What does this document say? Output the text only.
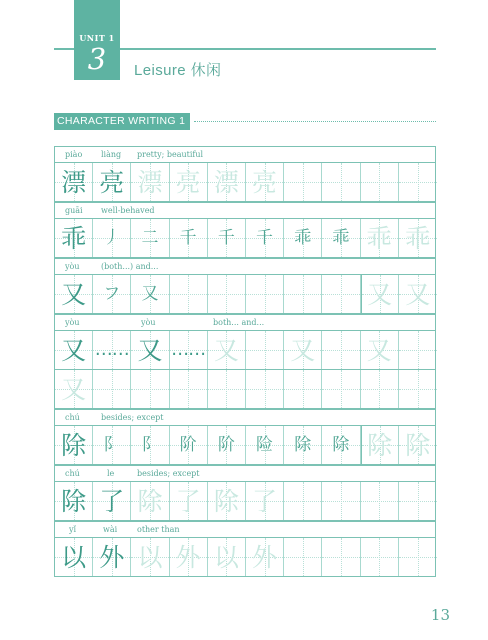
UNIT 1
3	Leisure 休闲
CHARACTER WRITING 1
piào liàng pretty; beautiful
漂 亮 漂 亮 漂 亮
guāi well-behaved
乖	丿	二	千	千	千	乖	乖 乖 乖
yòu	(both...) and...
又	フ	又	又 又
yòu	yòu	both... and...
又 …… 又 …… 又 又 又
又
chú	besides; except
除	阝	阝	阶	阶	险	除	除 除 除
chú	le	besides; except
除 了 除 了 除 了
yǐ	wài other than
以 外 以 外 以 外
13
